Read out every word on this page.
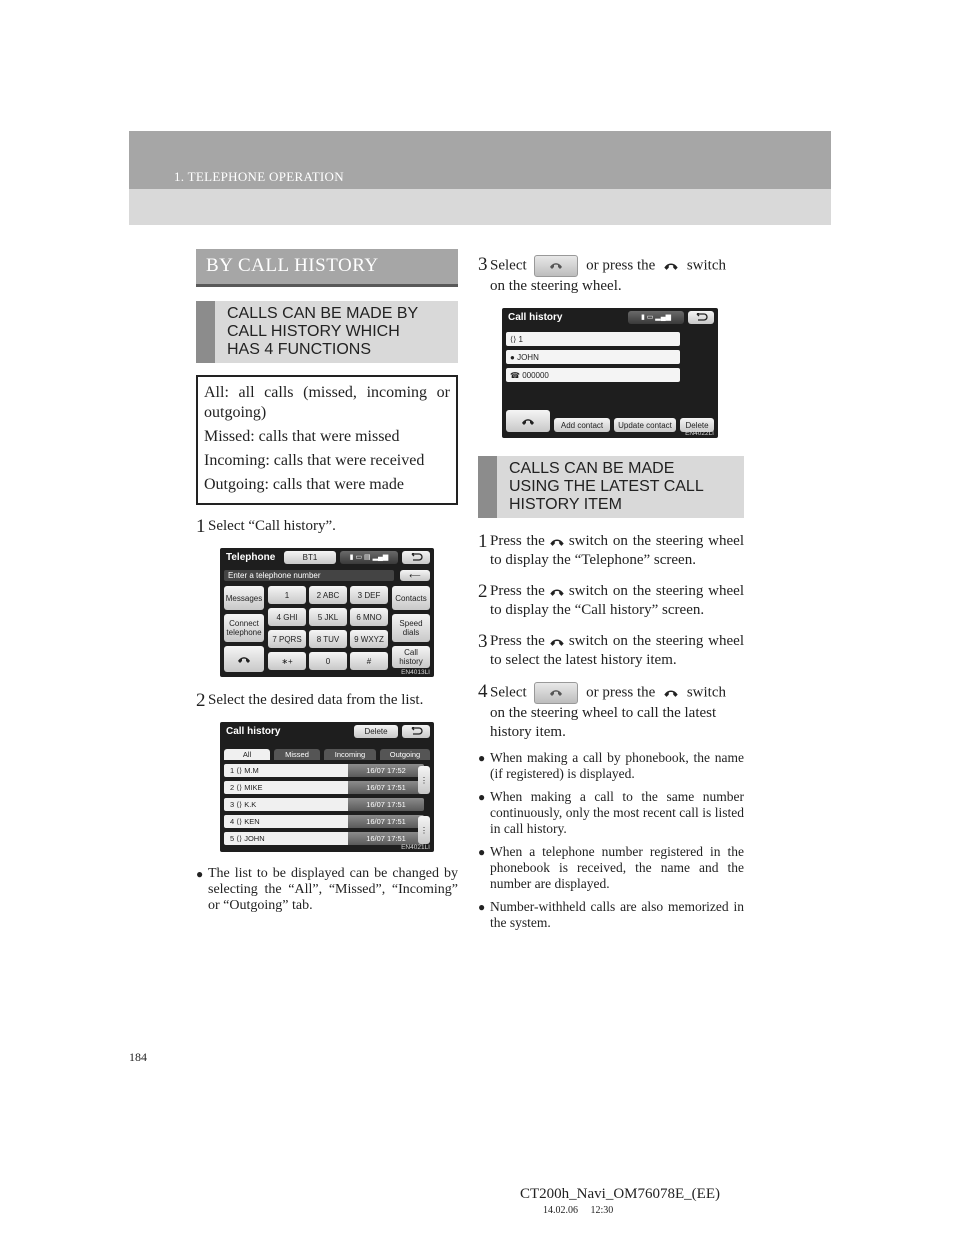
1. TELEPHONE OPERATION
BY CALL HISTORY
CALLS CAN BE MADE BY CALL HISTORY WHICH HAS 4 FUNCTIONS

All: all calls (missed, incoming or outgoing)

Missed: calls that were missed

Incoming: calls that were received

Outgoing: calls that were made

1 Select “Call history”.
Telephone	BT1	▮ ▭ ▤ ▂▄▆
Enter a telephone number	⟵
Messages
Connect telephone
1	2 ABC	3 DEF
4 GHI	5 JKL	6 MNO
7 PQRS	8 TUV	9 WXYZ
∗+	0	#
Contacts
Speed dials
Call history
EN4013LI
2 Select the desired data from the list.
Call history	Delete
All	Missed	Incoming	Outgoing
1 ⟨⟩ M.M	16/07 17:52
2 ⟨⟩ MIKE	16/07 17:51
3 ⟨⟩ K.K	16/07 17:51
4 ⟨⟩ KEN	16/07 17:51
5 ⟨⟩ JOHN	16/07 17:51
⋮
⋮
EN4021LI
● The list to be displayed can be changed by selecting the “All”, “Missed”, “Incoming” or “Outgoing” tab.
3 Select	or press the switch on the steering wheel.
Call history	▮ ▭ ▂▄▆
⟨⟩ 1
● JOHN
☎ 000000
Add contact	Update contact	Delete
EN4022LI
CALLS CAN BE MADE USING THE LATEST CALL HISTORY ITEM
1 Press the switch on the steering wheel to display the “Telephone” screen.
2 Press the switch on the steering wheel to display the “Call history” screen.
3 Press the switch on the steering wheel to select the latest history item.
4 Select	or press the switch on the steering wheel to call the latest history item.
● When making a call by phonebook, the name (if registered) is displayed.
● When making a call to the same number continuously, only the most recent call is listed in call history.
● When a telephone number registered in the phonebook is received, the name and the number are displayed.
● Number-withheld calls are also memorized in the system.
184
CT200h_Navi_OM76078E_(EE)
14.02.06     12:30
